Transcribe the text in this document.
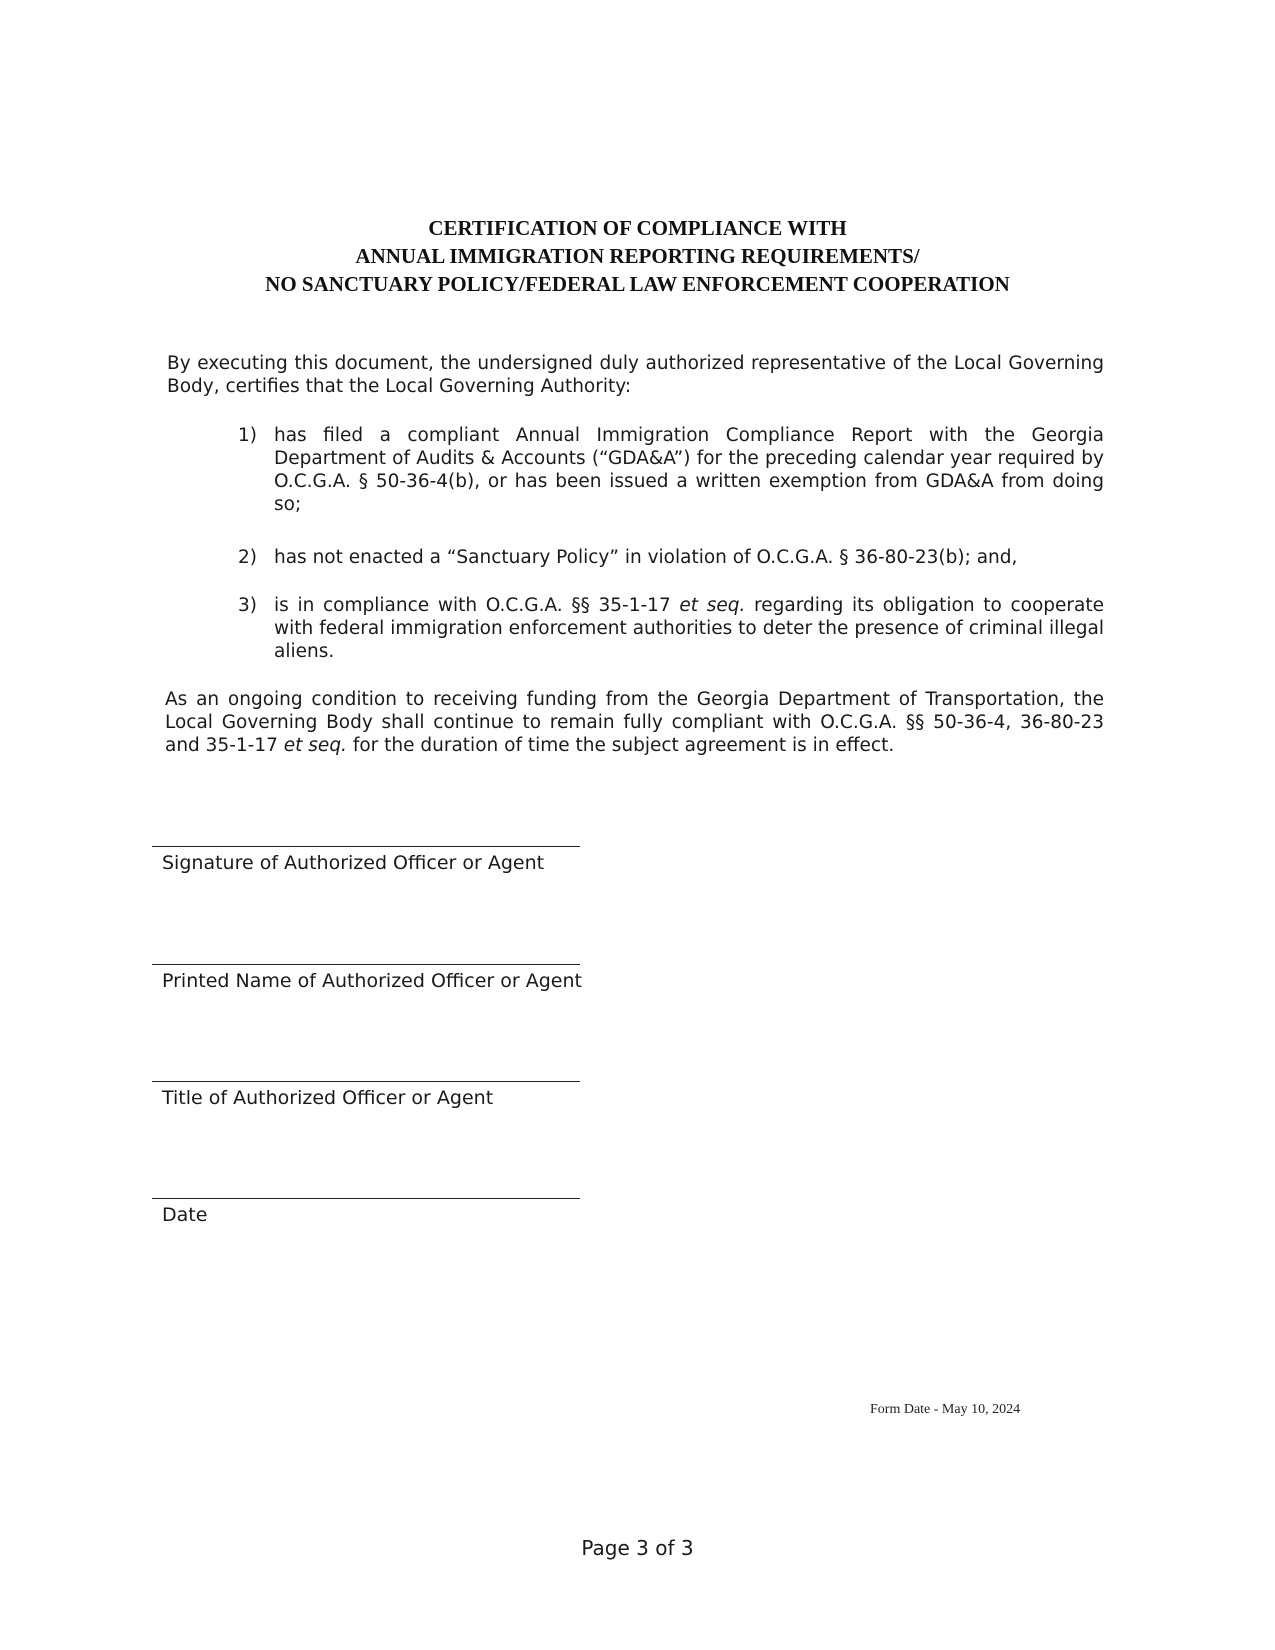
CERTIFICATION OF COMPLIANCE WITH
ANNUAL IMMIGRATION REPORTING REQUIREMENTS/
NO SANCTUARY POLICY/FEDERAL LAW ENFORCEMENT COOPERATION
By executing this document, the undersigned duly authorized representative of the Local Governing Body, certifies that the Local Governing Authority:
1) has filed a compliant Annual Immigration Compliance Report with the Georgia Department of Audits & Accounts (“GDA&A”) for the preceding calendar year required by O.C.G.A. § 50-36-4(b), or has been issued a written exemption from GDA&A from doing so;
2) has not enacted a “Sanctuary Policy” in violation of O.C.G.A. § 36-80-23(b); and,
3) is in compliance with O.C.G.A. §§ 35-1-17 et seq. regarding its obligation to cooperate with federal immigration enforcement authorities to deter the presence of criminal illegal aliens.
As an ongoing condition to receiving funding from the Georgia Department of Transportation, the Local Governing Body shall continue to remain fully compliant with O.C.G.A. §§ 50-36-4, 36-80-23 and 35-1-17 et seq. for the duration of time the subject agreement is in effect.
Signature of Authorized Officer or Agent
Printed Name of Authorized Officer or Agent
Title of Authorized Officer or Agent
Date
Form Date - May 10, 2024
Page 3 of 3
